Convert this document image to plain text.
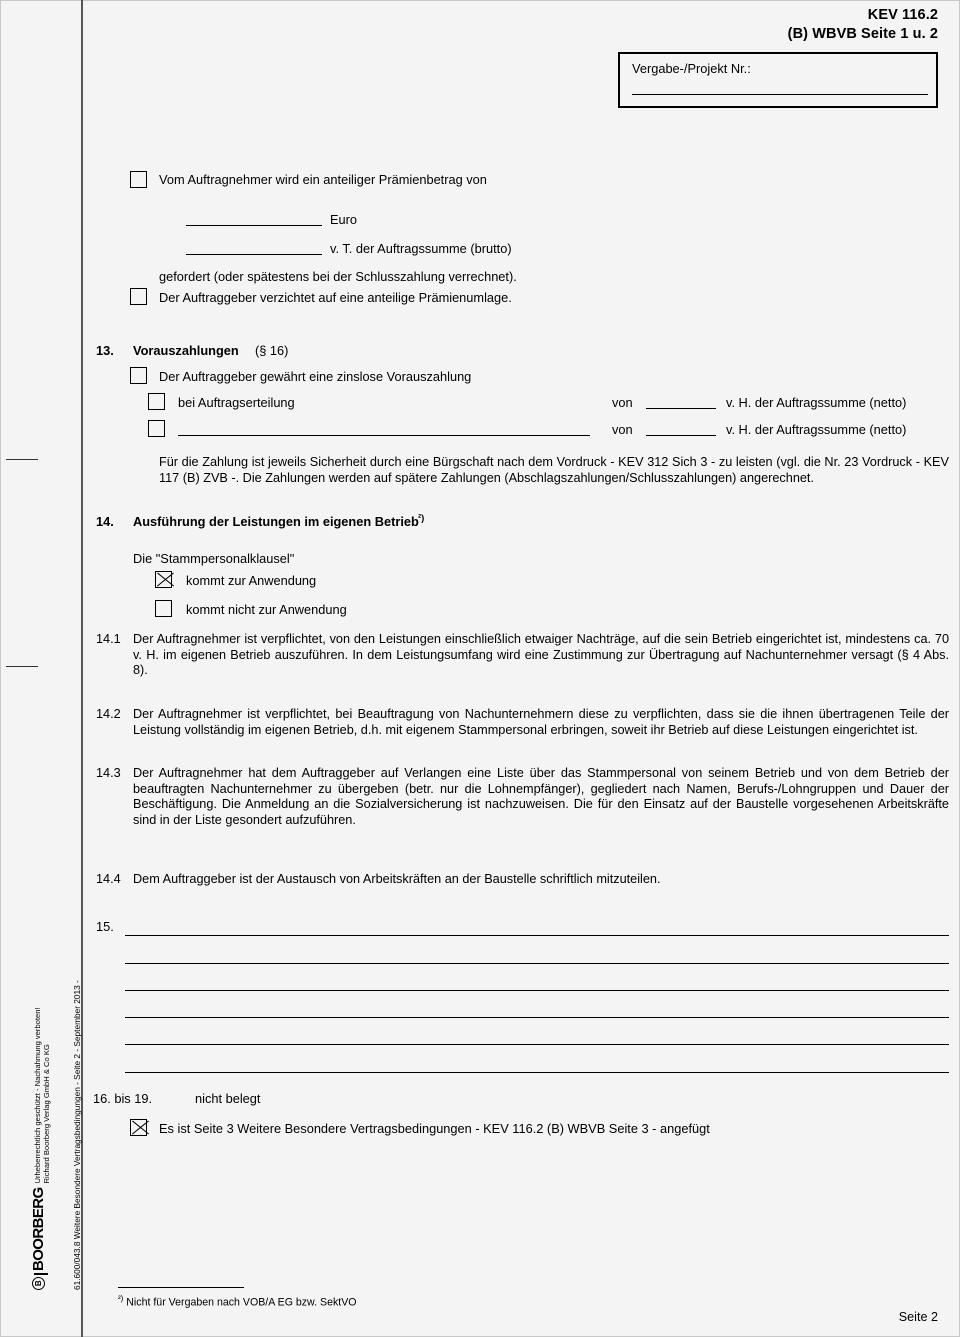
KEV 116.2
(B) WBVB Seite 1 u. 2
Vergabe-/Projekt Nr.:
Vom Auftragnehmer wird ein anteiliger Prämienbetrag von
Euro
v. T. der Auftragssumme (brutto)
gefordert (oder spätestens bei der Schlusszahlung verrechnet).
Der Auftraggeber verzichtet auf eine anteilige Prämienumlage.
13. Vorauszahlungen (§ 16)
Der Auftraggeber gewährt eine zinslose Vorauszahlung
bei Auftragserteilung	von	v. H. der Auftragssumme (netto)
von	v. H. der Auftragssumme (netto)
Für die Zahlung ist jeweils Sicherheit durch eine Bürgschaft nach dem Vordruck - KEV 312 Sich 3 - zu leisten (vgl. die Nr. 23 Vordruck - KEV 117 (B) ZVB -. Die Zahlungen werden auf spätere Zahlungen (Abschlagszahlungen/Schlusszahlungen) angerechnet.
14. Ausführung der Leistungen im eigenen Betrieb ²)
Die "Stammpersonalklausel"
kommt zur Anwendung
kommt nicht zur Anwendung
14.1 Der Auftragnehmer ist verpflichtet, von den Leistungen einschließlich etwaiger Nachträge, auf die sein Betrieb eingerichtet ist, mindestens ca. 70 v. H. im eigenen Betrieb auszuführen. In dem Leistungsumfang wird eine Zustimmung zur Übertragung auf Nachunternehmer versagt (§ 4 Abs. 8).
14.2 Der Auftragnehmer ist verpflichtet, bei Beauftragung von Nachunternehmern diese zu verpflichten, dass sie die ihnen übertragenen Teile der Leistung vollständig im eigenen Betrieb, d.h. mit eigenem Stammpersonal erbringen, soweit ihr Betrieb auf diese Leistungen eingerichtet ist.
14.3 Der Auftragnehmer hat dem Auftraggeber auf Verlangen eine Liste über das Stammpersonal von seinem Betrieb und von dem Betrieb der beauftragten Nachunternehmer zu übergeben (betr. nur die Lohnempfänger), gegliedert nach Namen, Berufs-/Lohngruppen und Dauer der Beschäftigung. Die Anmeldung an die Sozialversicherung ist nachzuweisen. Die für den Einsatz auf der Baustelle vorgesehenen Arbeitskräfte sind in der Liste gesondert aufzuführen.
14.4 Dem Auftraggeber ist der Austausch von Arbeitskräften an der Baustelle schriftlich mitzuteilen.
15.
16. bis 19.	nicht belegt
Es ist Seite 3 Weitere Besondere Vertragsbedingungen - KEV 116.2 (B) WBVB Seite 3 - angefügt
B
BOORBERG
Urheberrechtlich geschützt - Nachahmung verboten! Richard Boorberg Verlag GmbH & Co KG	61.600/043.8 Weitere Besondere Vertragsbedingungen - Seite 2 - September 2013 -
$^{^2)}$ Nicht für Vergaben nach VOB/A EG bzw. SektVO
Seite 2
